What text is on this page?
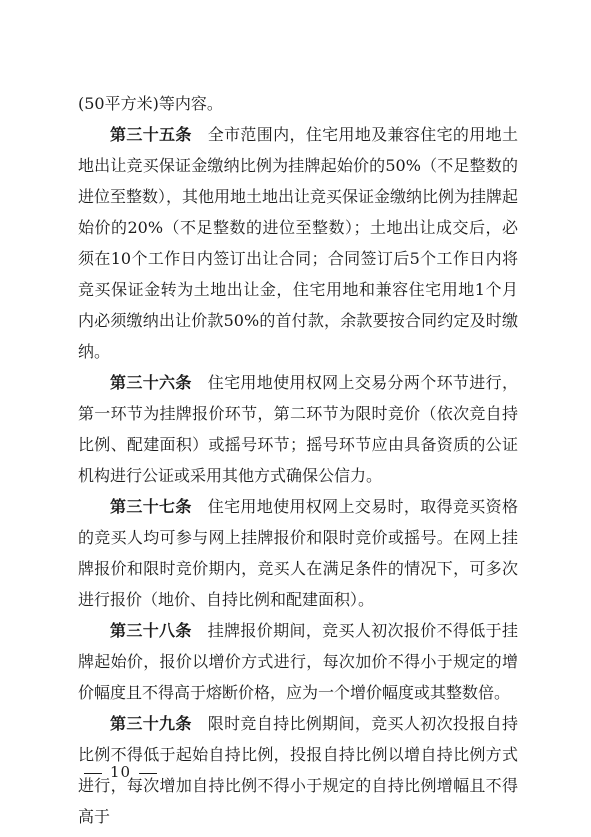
(50平方米)等内容。

第三十五条 全市范围内，住宅用地及兼容住宅的用地土地出让竞买保证金缴纳比例为挂牌起始价的50%（不足整数的进位至整数），其他用地土地出让竞买保证金缴纳比例为挂牌起始价的20%（不足整数的进位至整数）；土地出让成交后，必须在10个工作日内签订出让合同；合同签订后5个工作日内将竞买保证金转为土地出让金，住宅用地和兼容住宅用地1个月内必须缴纳出让价款50%的首付款，余款要按合同约定及时缴纳。

第三十六条 住宅用地使用权网上交易分两个环节进行，第一环节为挂牌报价环节，第二环节为限时竞价（依次竞自持比例、配建面积）或摇号环节；摇号环节应由具备资质的公证机构进行公证或采用其他方式确保公信力。

第三十七条 住宅用地使用权网上交易时，取得竞买资格的竞买人均可参与网上挂牌报价和限时竞价或摇号。在网上挂牌报价和限时竞价期内，竞买人在满足条件的情况下，可多次进行报价（地价、自持比例和配建面积）。

第三十八条 挂牌报价期间，竞买人初次报价不得低于挂牌起始价，报价以增价方式进行，每次加价不得小于规定的增价幅度且不得高于熔断价格，应为一个增价幅度或其整数倍。

第三十九条 限时竞自持比例期间，竞买人初次投报自持比例不得低于起始自持比例，投报自持比例以增自持比例方式进行，每次增加自持比例不得小于规定的自持比例增幅且不得高于

10
